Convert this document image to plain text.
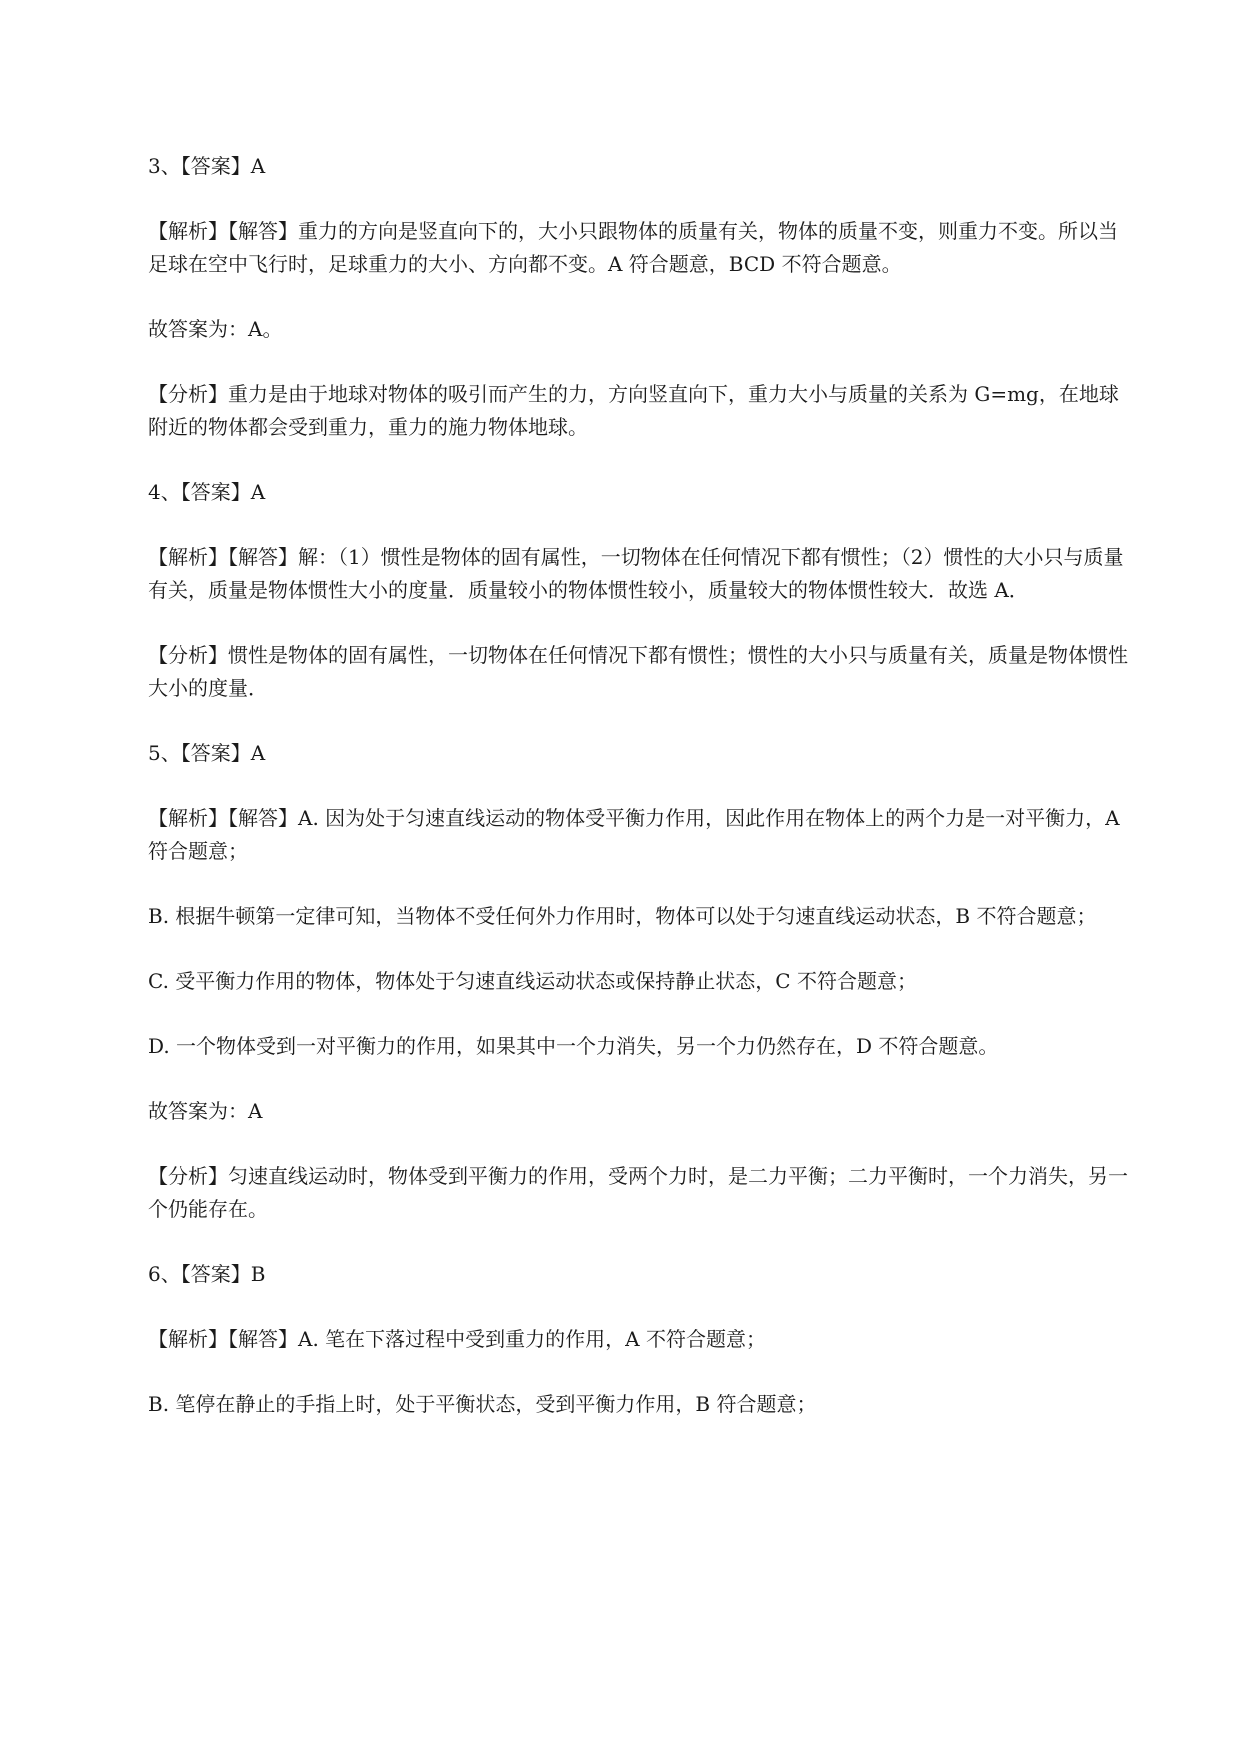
3、【答案】A

【解析】【解答】重力的方向是竖直向下的，大小只跟物体的质量有关，物体的质量不变，则重力不变。所以当足球在空中飞行时，足球重力的大小、方向都不变。A 符合题意，BCD 不符合题意。

故答案为：A。

【分析】重力是由于地球对物体的吸引而产生的力，方向竖直向下，重力大小与质量的关系为 G=mg，在地球附近的物体都会受到重力，重力的施力物体地球。

4、【答案】A

【解析】【解答】解：（1）惯性是物体的固有属性，一切物体在任何情况下都有惯性；（2）惯性的大小只与质量有关，质量是物体惯性大小的度量．质量较小的物体惯性较小，质量较大的物体惯性较大．故选 A．

【分析】惯性是物体的固有属性，一切物体在任何情况下都有惯性；惯性的大小只与质量有关，质量是物体惯性大小的度量．

5、【答案】A

【解析】【解答】A. 因为处于匀速直线运动的物体受平衡力作用，因此作用在物体上的两个力是一对平衡力，A 符合题意；

B. 根据牛顿第一定律可知，当物体不受任何外力作用时，物体可以处于匀速直线运动状态，B 不符合题意；

C. 受平衡力作用的物体，物体处于匀速直线运动状态或保持静止状态，C 不符合题意；

D. 一个物体受到一对平衡力的作用，如果其中一个力消失，另一个力仍然存在，D 不符合题意。

故答案为：A

【分析】匀速直线运动时，物体受到平衡力的作用，受两个力时，是二力平衡；二力平衡时，一个力消失，另一个仍能存在。

6、【答案】B

【解析】【解答】A. 笔在下落过程中受到重力的作用，A 不符合题意；

B. 笔停在静止的手指上时，处于平衡状态，受到平衡力作用，B 符合题意；
